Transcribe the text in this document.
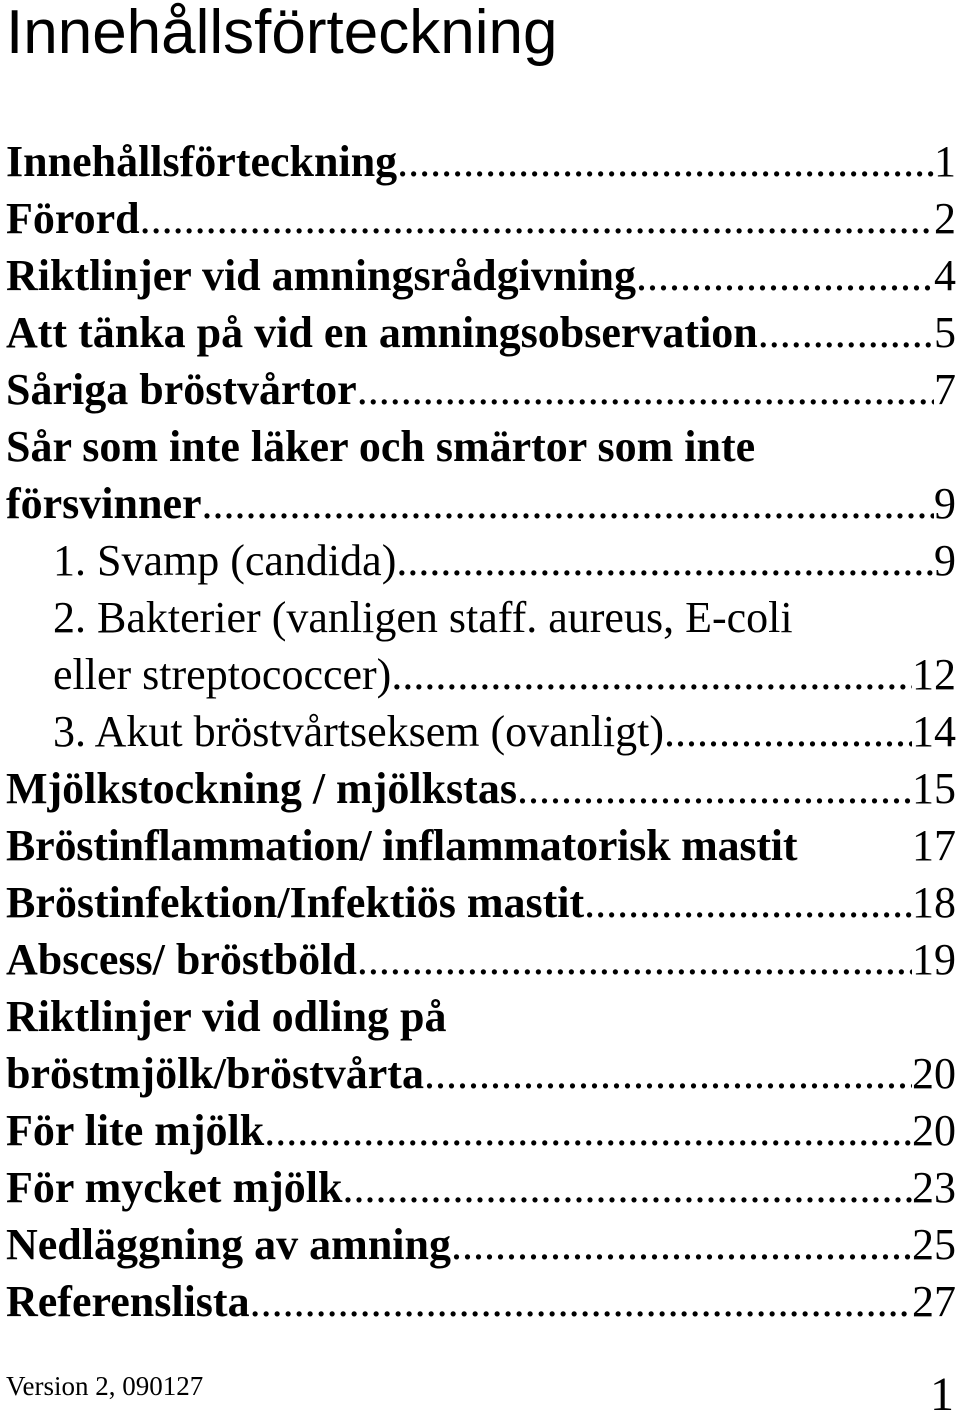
Innehållsförteckning
Innehållsförteckning .....	1
Förord .....	2
Riktlinjer vid amningsrådgivning .....	4
Att tänka på vid en amningsobservation .....	5
Såriga bröstvårtor .....	7
Sår som inte läker och smärtor som inte
försvinner .....	9
1. Svamp (candida) .....	9
2. Bakterier (vanligen staff. aureus, E-coli
eller streptococcer) .....	12
3. Akut bröstvårtseksem (ovanligt) .....	14
Mjölkstockning / mjölkstas .....	15
Bröstinflammation/ inflammatorisk mastit	17
Bröstinfektion/Infektiös mastit .....	18
Abscess/ bröstböld .....	19
Riktlinjer vid odling på
bröstmjölk/bröstvårta .....	20
För lite mjölk .....	20
För mycket mjölk .....	23
Nedläggning av amning .....	25
Referenslista .....	27
Version 2, 090127	1
